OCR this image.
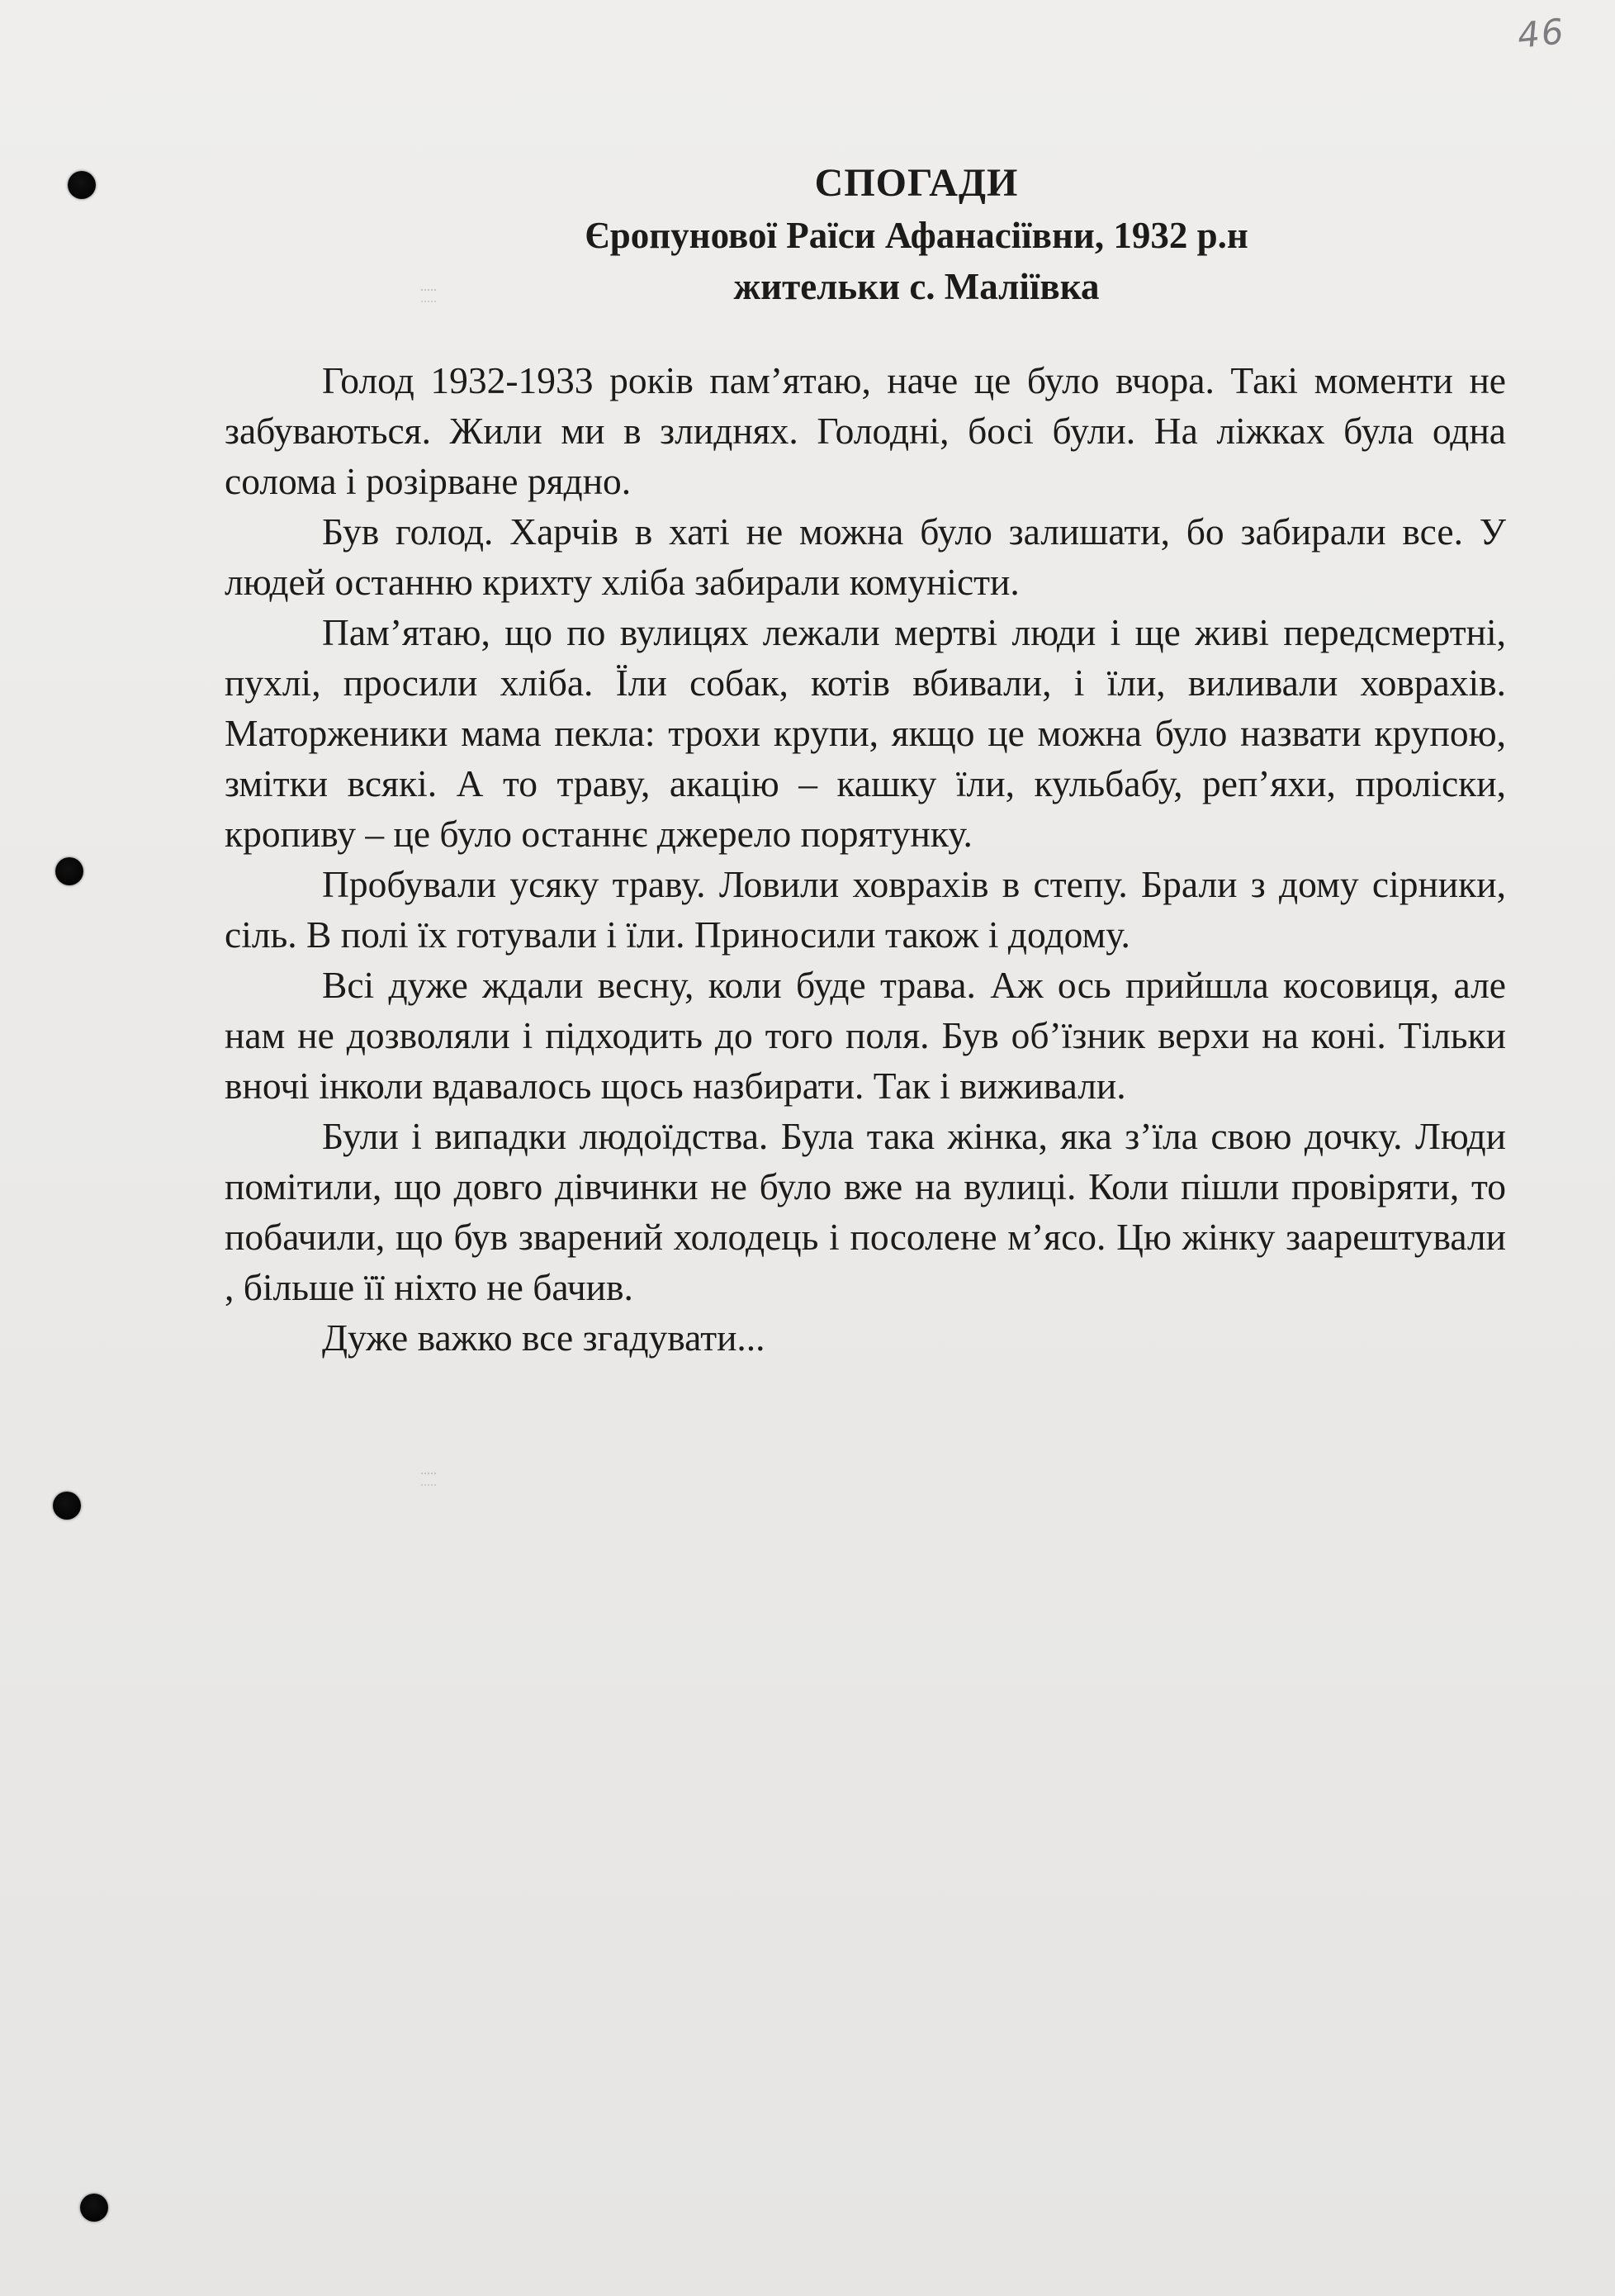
46
СПОГАДИ
Єропунової Раїси Афанасіївни, 1932 р.н
жительки с. Маліївка

Голод 1932-1933 років пам’ятаю, наче це було вчора. Такі моменти не забуваються. Жили ми в злиднях. Голодні, босі були. На ліжках була одна солома і розірване рядно.

Був голод. Харчів в хаті не можна було залишати, бо забирали все. У людей останню крихту хліба забирали комуністи.

Пам’ятаю, що по вулицях лежали мертві люди і ще живі передсмертні, пухлі, просили хліба. Їли собак, котів вбивали, і їли, виливали ховрахів. Маторженики мама пекла: трохи крупи, якщо це можна було назвати крупою, змітки всякі. А то траву, акацію – кашку їли, кульбабу, реп’яхи, проліски, кропиву – це було останнє джерело порятунку.

Пробували усяку траву. Ловили ховрахів в степу. Брали з дому сірники, сіль. В полі їх готували і їли. Приносили також і додому.

Всі дуже ждали весну, коли буде трава. Аж ось прийшла косовиця, але нам не дозволяли і підходить до того поля. Був об’їзник верхи на коні. Тільки вночі інколи вдавалось щось назбирати. Так і виживали.

Були і випадки людоїдства. Була така жінка, яка з’їла свою дочку. Люди помітили, що довго дівчинки не було вже на вулиці. Коли пішли провіряти, то побачили, що був зварений холодець і посолене м’ясо. Цю жінку заарештували , більше її ніхто не бачив.

Дуже важко все згадувати...
